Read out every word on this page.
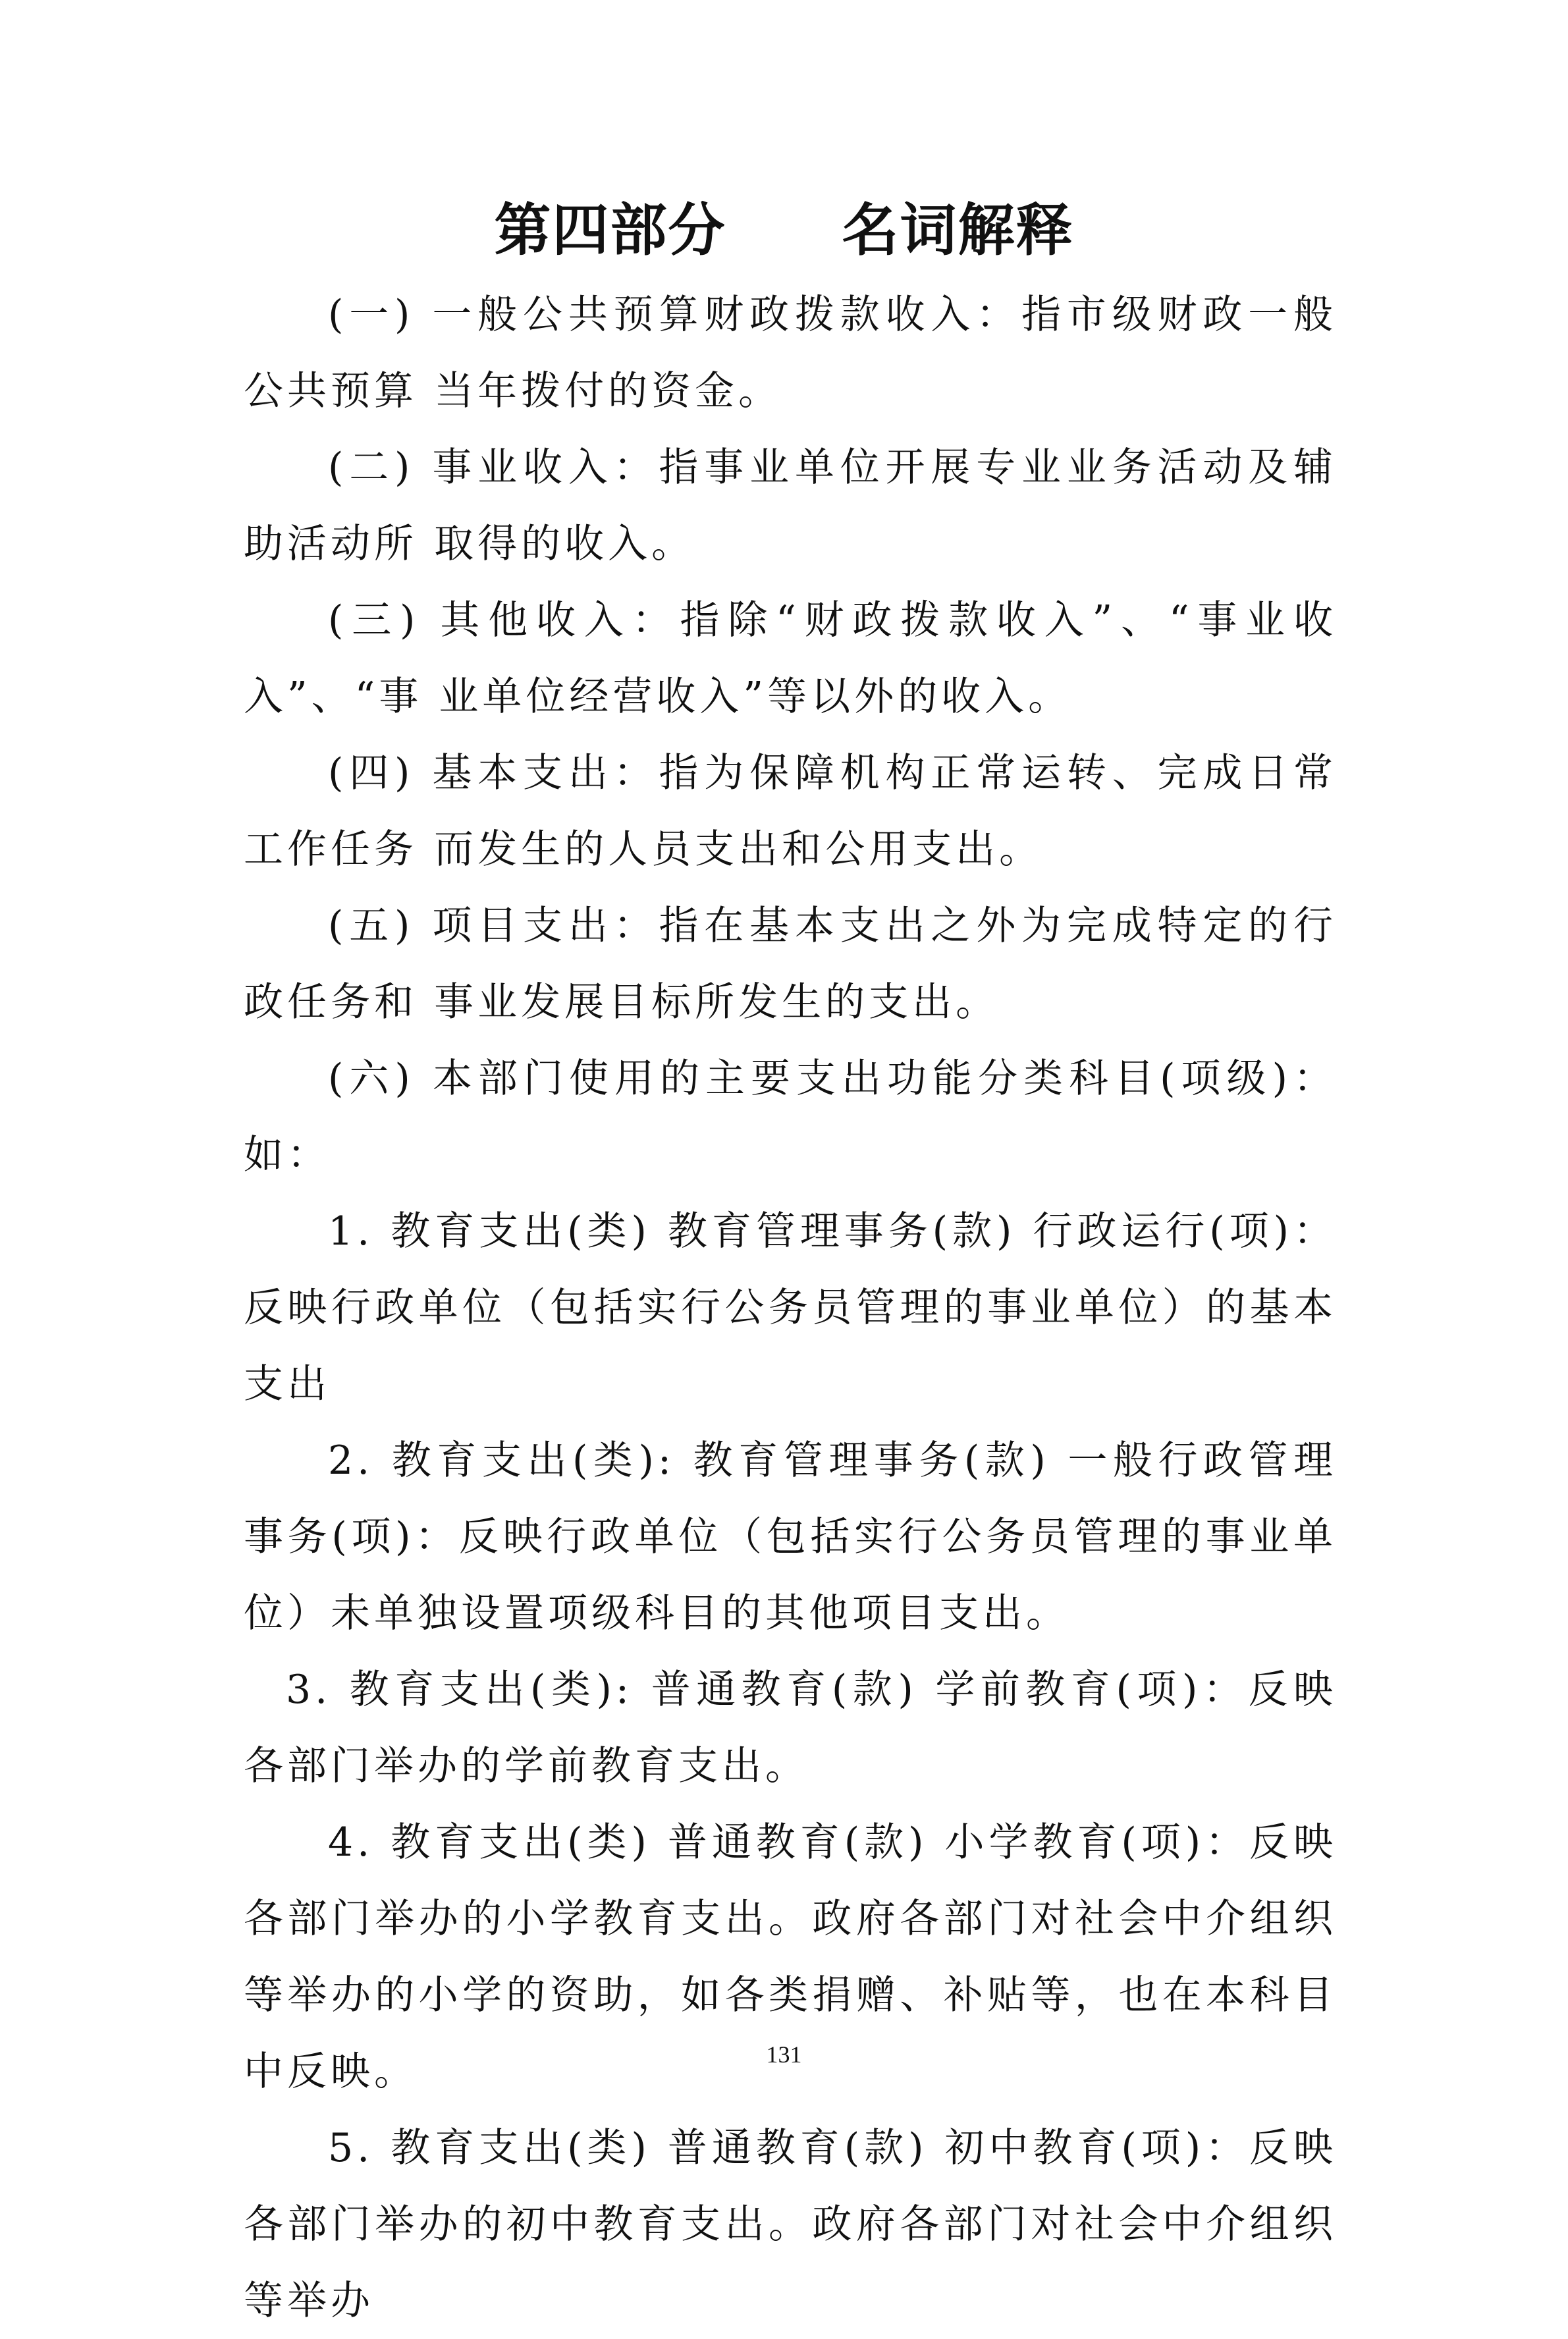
第四部分　　名词解释

(一) 一般公共预算财政拨款收入：指市级财政一般公共预算 当年拨付的资金。

(二) 事业收入：指事业单位开展专业业务活动及辅助活动所 取得的收入。

(三) 其他收入：指除“财政拨款收入”、“事业收入”、“事 业单位经营收入”等以外的收入。

(四) 基本支出：指为保障机构正常运转、完成日常工作任务 而发生的人员支出和公用支出。

(五) 项目支出：指在基本支出之外为完成特定的行政任务和 事业发展目标所发生的支出。

(六) 本部门使用的主要支出功能分类科目(项级)：如：

1. 教育支出(类) 教育管理事务(款) 行政运行(项)：反映行政单位（包括实行公务员管理的事业单位）的基本支出

2. 教育支出(类): 教育管理事务(款) 一般行政管理事务(项)：反映行政单位（包括实行公务员管理的事业单位）未单独设置项级科目的其他项目支出。

3. 教育支出(类): 普通教育(款) 学前教育(项)：反映各部门举办的学前教育支出。

4. 教育支出(类) 普通教育(款) 小学教育(项)：反映各部门举办的小学教育支出。政府各部门对社会中介组织等举办的小学的资助，如各类捐赠、补贴等，也在本科目中反映。

5. 教育支出(类) 普通教育(款) 初中教育(项)：反映各部门举办的初中教育支出。政府各部门对社会中介组织等举办

131
